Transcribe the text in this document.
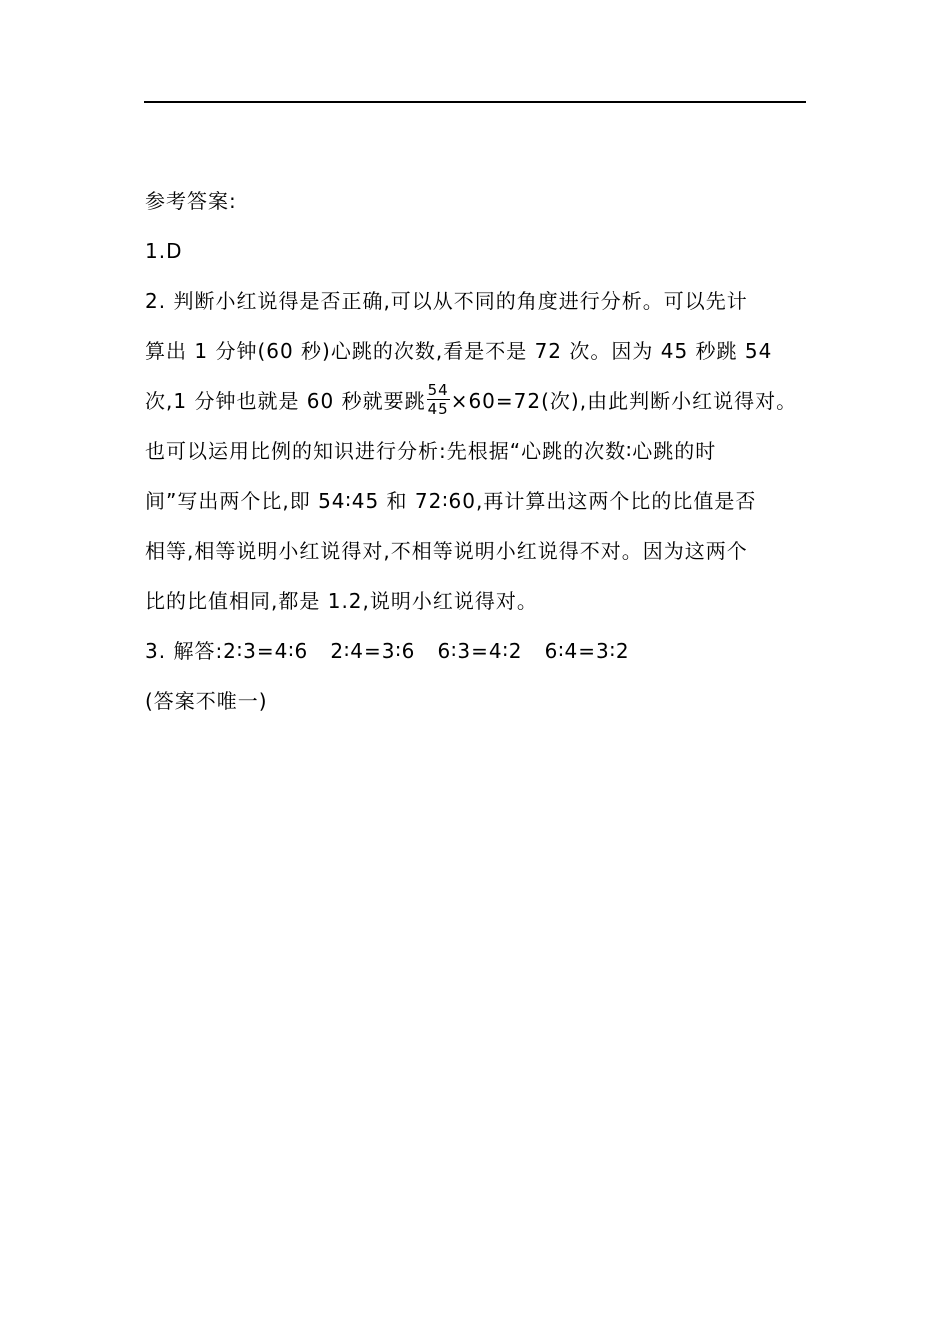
参考答案:
1.D
2. 判断小红说得是否正确,可以从不同的角度进行分析。可以先计
算出 1 分钟(60 秒)心跳的次数,看是不是 72 次。因为 45 秒跳 54
次,1 分钟也就是 60 秒就要跳 $\frac{54}{45} \times 60=72$(次),由此判断小红说得对。
也可以运用比例的知识进行分析:先根据“心跳的次数∶心跳的时
间”写出两个比,即 54∶45 和 72∶60,再计算出这两个比的比值是否
相等,相等说明小红说得对,不相等说明小红说得不对。因为这两个
比的比值相同,都是 1.2,说明小红说得对。
3. 解答:2∶3=4∶6   2∶4=3∶6   6∶3=4∶2   6∶4=3∶2
(答案不唯一)
